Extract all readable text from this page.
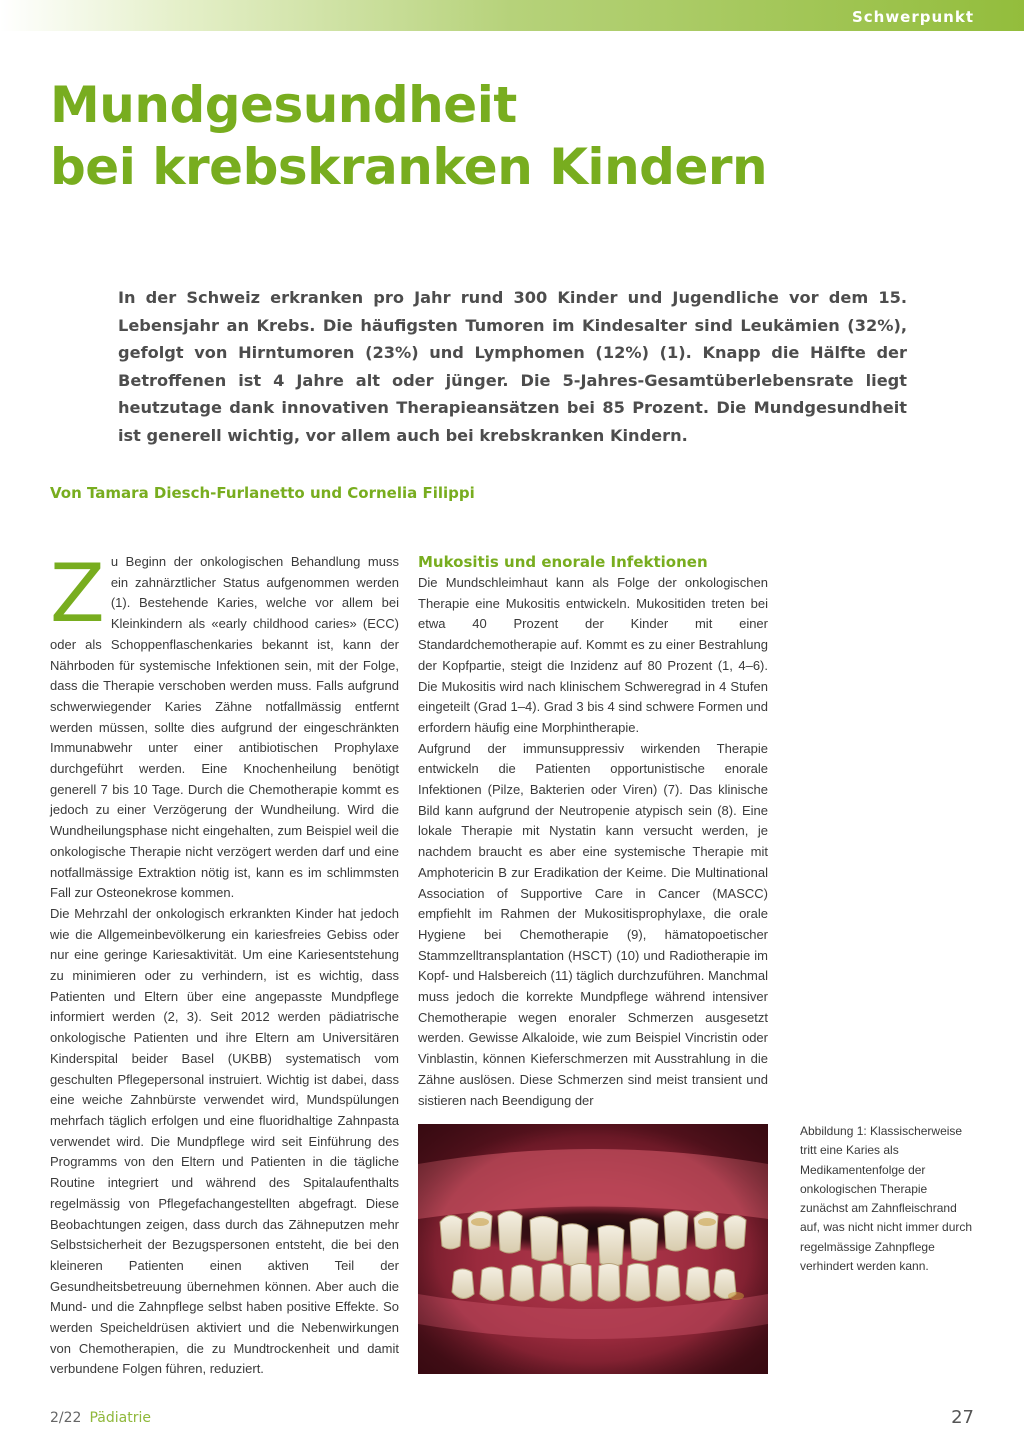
Schwerpunkt
Mundgesundheit
bei krebskranken Kindern

In der Schweiz erkranken pro Jahr rund 300 Kinder und Jugendliche vor dem 15. Lebensjahr an Krebs. Die häufigsten Tumoren im Kindesalter sind Leukämien (32%), gefolgt von Hirntumoren (23%) und Lymphomen (12%) (1). Knapp die Hälfte der Betroffenen ist 4 Jahre alt oder jünger. Die 5-Jahres-Gesamtüberlebensrate liegt heutzutage dank innovativen Therapieansätzen bei 85 Prozent. Die Mundgesundheit ist generell wichtig, vor allem auch bei krebskranken Kindern.

Von Tamara Diesch-Furlanetto und Cornelia Filippi

Z u Beginn der onkologischen Behandlung muss ein zahnärztlicher Status aufgenommen werden (1). Bestehende Karies, welche vor allem bei Kleinkindern als «early childhood caries» (ECC) oder als Schoppenflaschenkaries bekannt ist, kann der Nährboden für systemische Infektionen sein, mit der Folge, dass die Therapie verschoben werden muss. Falls aufgrund schwerwiegender Karies Zähne notfallmässig entfernt werden müssen, sollte dies aufgrund der eingeschränkten Immunabwehr unter einer antibiotischen Prophylaxe durchgeführt werden. Eine Knochenheilung benötigt generell 7 bis 10 Tage. Durch die Chemotherapie kommt es jedoch zu einer Verzögerung der Wundheilung. Wird die Wundheilungsphase nicht eingehalten, zum Beispiel weil die onkologische Therapie nicht verzögert werden darf und eine notfallmässige Extraktion nötig ist, kann es im schlimmsten Fall zur Osteonekrose kommen.

Die Mehrzahl der onkologisch erkrankten Kinder hat jedoch wie die Allgemeinbevölkerung ein kariesfreies Gebiss oder nur eine geringe Kariesaktivität. Um eine Kariesentstehung zu minimieren oder zu verhindern, ist es wichtig, dass Patienten und Eltern über eine angepasste Mundpflege informiert werden (2, 3). Seit 2012 werden pädiatrische onkologische Patienten und ihre Eltern am Universitären Kinderspital beider Basel (UKBB) systematisch vom geschulten Pflegepersonal instruiert. Wichtig ist dabei, dass eine weiche Zahnbürste verwendet wird, Mundspülungen mehrfach täglich erfolgen und eine fluoridhaltige Zahnpasta verwendet wird. Die Mundpflege wird seit Einführung des Programms von den Eltern und Patienten in die tägliche Routine integriert und während des Spitalaufenthalts regelmässig von Pflegefachangestellten abgefragt. Diese Beobachtungen zeigen, dass durch das Zähneputzen mehr Selbstsicherheit der Bezugspersonen entsteht, die bei den kleineren Patienten einen aktiven Teil der Gesundheitsbetreuung übernehmen können. Aber auch die Mund- und die Zahnpflege selbst haben positive Effekte. So werden Speicheldrüsen aktiviert und die Nebenwirkungen von Chemotherapien, die zu Mundtrockenheit und damit verbundene Folgen führen, reduziert.

Mukositis und enorale Infektionen

Die Mundschleimhaut kann als Folge der onkologischen Therapie eine Mukositis entwickeln. Mukositiden treten bei etwa 40 Prozent der Kinder mit einer Standardchemotherapie auf. Kommt es zu einer Bestrahlung der Kopfpartie, steigt die Inzidenz auf 80 Prozent (1, 4–6). Die Mukositis wird nach klinischem Schweregrad in 4 Stufen eingeteilt (Grad 1–4). Grad 3 bis 4 sind schwere Formen und erfordern häufig eine Morphintherapie.

Aufgrund der immunsuppressiv wirkenden Therapie entwickeln die Patienten opportunistische enorale Infektionen (Pilze, Bakterien oder Viren) (7). Das klinische Bild kann aufgrund der Neutropenie atypisch sein (8). Eine lokale Therapie mit Nystatin kann versucht werden, je nachdem braucht es aber eine systemische Therapie mit Amphotericin B zur Eradikation der Keime. Die Multinational Association of Supportive Care in Cancer (MASCC) empfiehlt im Rahmen der Mukositisprophylaxe, die orale Hygiene bei Chemotherapie (9), hämatopoetischer Stammzelltransplantation (HSCT) (10) und Radiotherapie im Kopf- und Halsbereich (11) täglich durchzuführen. Manchmal muss jedoch die korrekte Mundpflege während intensiver Chemotherapie wegen enoraler Schmerzen ausgesetzt werden. Gewisse Alkaloide, wie zum Beispiel Vincristin oder Vinblastin, können Kieferschmerzen mit Ausstrahlung in die Zähne auslösen. Diese Schmerzen sind meist transient und sistieren nach Beendigung der

Abbildung 1: Klassischerweise tritt eine Karies als Medikamentenfolge der onkologischen Therapie zunächst am Zahnfleischrand auf, was nicht nicht immer durch regelmässige Zahnpflege verhindert werden kann.

2/22 Pädiatrie	27
